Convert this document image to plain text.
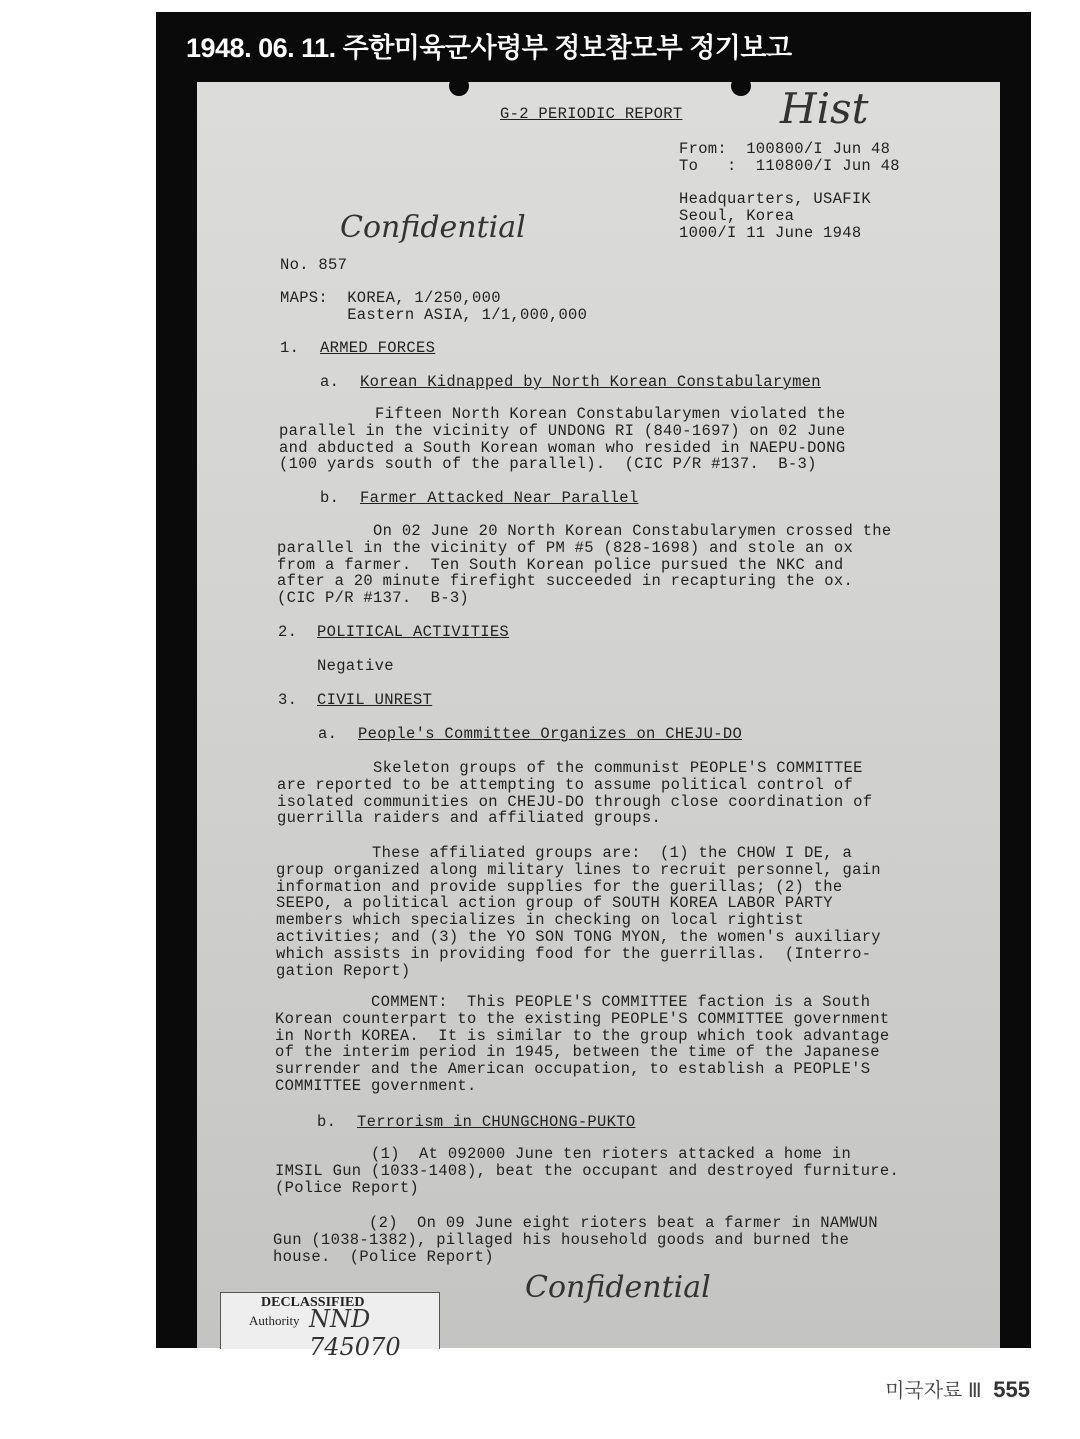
1948. 06. 11. 주한미육군사령부 정보참모부 정기보고
G-2 PERIODIC REPORT Hist
From:  100800/I Jun 48
To   :  110800/I Jun 48
Headquarters, USAFIK
Seoul, Korea
1000/I 11 June 1948
Confidential
No. 857
MAPS:  KOREA, 1/250,000
Eastern ASIA, 1/1,000,000
1. ARMED FORCES
a. Korean Kidnapped by North Korean Constabularymen
Fifteen North Korean Constabularymen violated the
parallel in the vicinity of UNDONG RI (840-1697) on 02 June
and abducted a South Korean woman who resided in NAEPU-DONG
(100 yards south of the parallel).  (CIC P/R #137.  B-3)
b. Farmer Attacked Near Parallel
On 02 June 20 North Korean Constabularymen crossed the
parallel in the vicinity of PM #5 (828-1698) and stole an ox
from a farmer.  Ten South Korean police pursued the NKC and
after a 20 minute firefight succeeded in recapturing the ox.
(CIC P/R #137.  B-3)
2. POLITICAL ACTIVITIES
Negative
3. CIVIL UNREST
a. People's Committee Organizes on CHEJU-DO
Skeleton groups of the communist PEOPLE'S COMMITTEE
are reported to be attempting to assume political control of
isolated communities on CHEJU-DO through close coordination of
guerrilla raiders and affiliated groups.
These affiliated groups are:  (1) the CHOW I DE, a
group organized along military lines to recruit personnel, gain
information and provide supplies for the guerillas; (2) the
SEEPO, a political action group of SOUTH KOREA LABOR PARTY
members which specializes in checking on local rightist
activities; and (3) the YO SON TONG MYON, the women's auxiliary
which assists in providing food for the guerrillas.  (Interro-
gation Report)
COMMENT:  This PEOPLE'S COMMITTEE faction is a South
Korean counterpart to the existing PEOPLE'S COMMITTEE government
in North KOREA.  It is similar to the group which took advantage
of the interim period in 1945, between the time of the Japanese
surrender and the American occupation, to establish a PEOPLE'S
COMMITTEE government.
b. Terrorism in CHUNGCHONG-PUKTO
(1)  At 092000 June ten rioters attacked a home in
IMSIL Gun (1033-1408), beat the occupant and destroyed furniture.
(Police Report)
(2)  On 09 June eight rioters beat a farmer in NAMWUN
Gun (1038-1382), pillaged his household goods and burned the
house.  (Police Report)
Confidential
DECLASSIFIED
Authority NND 745070
미국자료 Ⅲ 555
